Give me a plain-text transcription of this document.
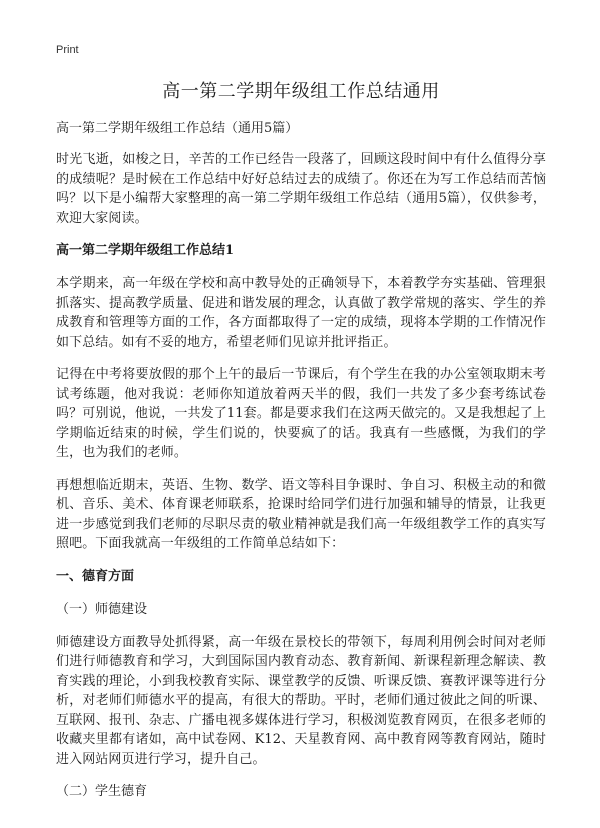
Print
高一第二学期年级组工作总结通用
高一第二学期年级组工作总结（通用5篇）

时光飞逝，如梭之日，辛苦的工作已经告一段落了，回顾这段时间中有什么值得分享的成绩呢？是时候在工作总结中好好总结过去的成绩了。你还在为写工作总结而苦恼吗？以下是小编帮大家整理的高一第二学期年级组工作总结（通用5篇），仅供参考，欢迎大家阅读。

高一第二学期年级组工作总结1

本学期来，高一年级在学校和高中教导处的正确领导下，本着教学夯实基础、管理狠抓落实、提高教学质量、促进和谐发展的理念，认真做了教学常规的落实、学生的养成教育和管理等方面的工作，各方面都取得了一定的成绩，现将本学期的工作情况作如下总结。如有不妥的地方，希望老师们见谅并批评指正。

记得在中考将要放假的那个上午的最后一节课后，有个学生在我的办公室领取期末考试考练题，他对我说：老师你知道放着两天半的假，我们一共发了多少套考练试卷吗？可别说，他说，一共发了11套。都是要求我们在这两天做完的。又是我想起了上学期临近结束的时候，学生们说的，快要疯了的话。我真有一些感慨，为我们的学生，也为我们的老师。

再想想临近期末，英语、生物、数学、语文等科目争课时、争自习、积极主动的和微机、音乐、美术、体育课老师联系，抢课时给同学们进行加强和辅导的情景，让我更进一步感觉到我们老师的尽职尽责的敬业精神就是我们高一年级组教学工作的真实写照吧。下面我就高一年级组的工作简单总结如下：

一、德育方面
（一）师德建设

师德建设方面教导处抓得紧，高一年级在景校长的带领下，每周利用例会时间对老师们进行师德教育和学习，大到国际国内教育动态、教育新闻、新课程新理念解读、教育实践的理论，小到我校教育实际、课堂教学的反馈、听课反馈、赛教评课等进行分析，对老师们师德水平的提高，有很大的帮助。平时，老师们通过彼此之间的听课、互联网、报刊、杂志、广播电视多媒体进行学习，积极浏览教育网页，在很多老师的收藏夹里都有诸如，高中试卷网、K12、天星教育网、高中教育网等教育网站，随时进入网站网页进行学习，提升自己。

（二）学生德育
